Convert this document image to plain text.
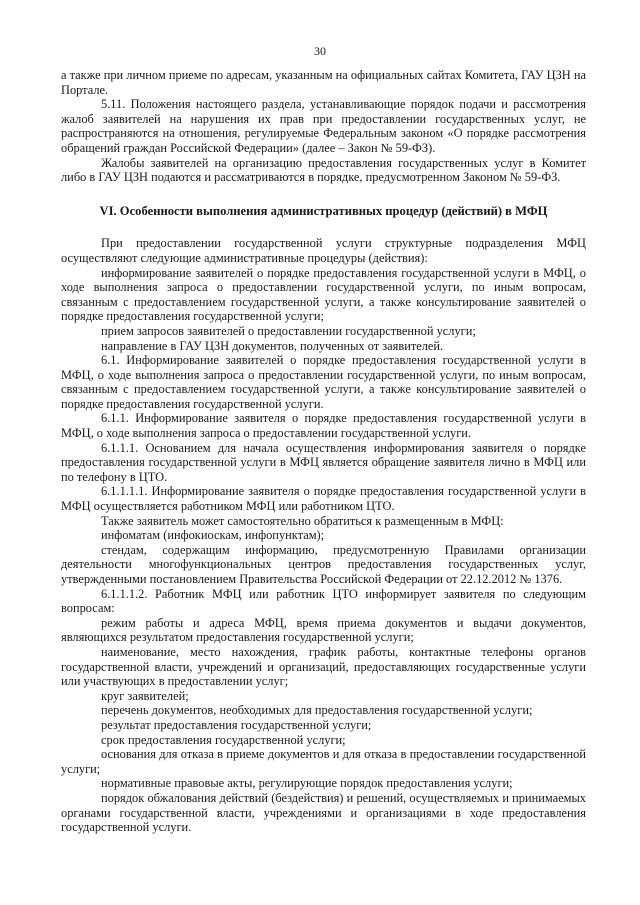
30

а также при личном приеме по адресам, указанным на официальных сайтах Комитета, ГАУ ЦЗН на Портале.

5.11. Положения настоящего раздела, устанавливающие порядок подачи и рассмотрения жалоб заявителей на нарушения их прав при предоставлении государственных услуг, не распространяются на отношения, регулируемые Федеральным законом «О порядке рассмотрения обращений граждан Российской Федерации» (далее – Закон № 59-ФЗ).

Жалобы заявителей на организацию предоставления государственных услуг в Комитет либо в ГАУ ЦЗН подаются и рассматриваются в порядке, предусмотренном Законом № 59-ФЗ.

VI. Особенности выполнения административных процедур (действий) в МФЦ

При предоставлении государственной услуги структурные подразделения МФЦ осуществляют следующие административные процедуры (действия):

информирование заявителей о порядке предоставления государственной услуги в МФЦ, о ходе выполнения запроса о предоставлении государственной услуги, по иным вопросам, связанным с предоставлением государственной услуги, а также консультирование заявителей о порядке предоставления государственной услуги;

прием запросов заявителей о предоставлении государственной услуги;

направление в ГАУ ЦЗН документов, полученных от заявителей.

6.1. Информирование заявителей о порядке предоставления государственной услуги в МФЦ, о ходе выполнения запроса о предоставлении государственной услуги, по иным вопросам, связанным с предоставлением государственной услуги, а также консультирование заявителей о порядке предоставления государственной услуги.

6.1.1. Информирование заявителя о порядке предоставления государственной услуги в МФЦ, о ходе выполнения запроса о предоставлении государственной услуги.

6.1.1.1. Основанием для начала осуществления информирования заявителя о порядке предоставления государственной услуги в МФЦ является обращение заявителя лично в МФЦ или по телефону в ЦТО.

6.1.1.1.1. Информирование заявителя о порядке предоставления государственной услуги в МФЦ осуществляется работником МФЦ или работником ЦТО.

Также заявитель может самостоятельно обратиться к размещенным в МФЦ:

инфоматам (инфокиоскам, инфопунктам);

стендам, содержащим информацию, предусмотренную Правилами организации деятельности многофункциональных центров предоставления государственных услуг, утвержденными постановлением Правительства Российской Федерации от 22.12.2012 № 1376.

6.1.1.1.2. Работник МФЦ или работник ЦТО информирует заявителя по следующим вопросам:

режим работы и адреса МФЦ, время приема документов и выдачи документов, являющихся результатом предоставления государственной услуги;

наименование, место нахождения, график работы, контактные телефоны органов государственной власти, учреждений и организаций, предоставляющих государственные услуги или участвующих в предоставлении услуг;

круг заявителей;

перечень документов, необходимых для предоставления государственной услуги;

результат предоставления государственной услуги;

срок предоставления государственной услуги;

основания для отказа в приеме документов и для отказа в предоставлении государственной услуги;

нормативные правовые акты, регулирующие порядок предоставления услуги;

порядок обжалования действий (бездействия) и решений, осуществляемых и принимаемых органами государственной власти, учреждениями и организациями в ходе предоставления государственной услуги.
